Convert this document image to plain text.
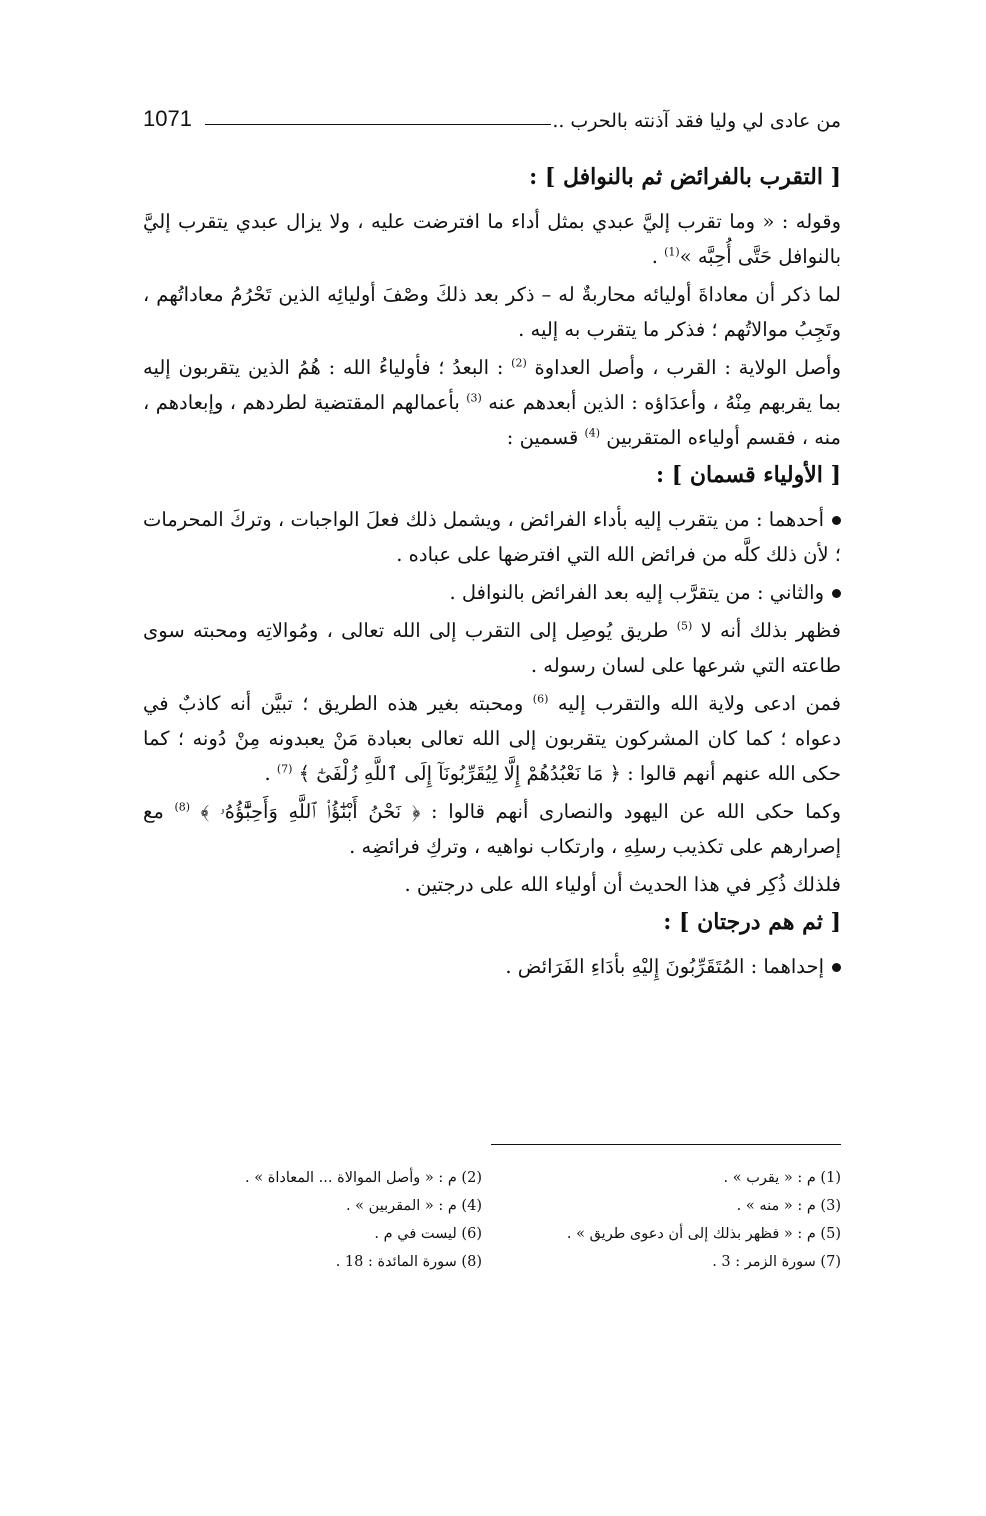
من عادى لي وليا فقد آذنته بالحرب ..
1071
[ التقرب بالفرائض ثم بالنوافل ] :

وقوله : « وما تقرب إليَّ عبدي بمثل أداء ما افترضت عليه ، ولا يزال عبدي يتقرب إليَّ بالنوافل حَتَّى أُحِبَّه »$^{(1)}$ .

لما ذكر أن معاداةَ أوليائه محاربةٌ له – ذكر بعد ذلكَ وصْفَ أوليائِه الذين تَحْرُمُ معاداتُهم ، وتَجِبُ موالاتُهم ؛ فذكر ما يتقرب به إليه .

وأصل الولاية : القرب ، وأصل العداوة $^{(2)}$ : البعدُ ؛ فأولياءُ الله : هُمُ الذين يتقربون إليه بما يقربهم مِنْهُ ، وأعدَاؤه : الذين أبعدهم عنه $^{(3)}$ بأعمالهم المقتضية لطردهم ، وإبعادهم ، منه ، فقسم أولياءه المتقربين $^{(4)}$ قسمين :

[ الأولياء قسمان ] :

أحدهما : من يتقرب إليه بأداء الفرائض ، ويشمل ذلك فعلَ الواجبات ، وتركَ المحرمات ؛ لأن ذلك كلَّه من فرائض الله التي افترضها على عباده .

والثاني : من يتقرَّب إليه بعد الفرائض بالنوافل .

فظهر بذلك أنه لا $^{(5)}$ طريق يُوصِل إلى التقرب إلى الله تعالى ، ومُوالاتِه ومحبته سوى طاعته التي شرعها على لسان رسوله .

فمن ادعى ولاية الله والتقرب إليه $^{(6)}$ ومحبته بغير هذه الطريق ؛ تبيَّن أنه كاذبٌ في دعواه ؛ كما كان المشركون يتقربون إلى الله تعالى بعبادة مَنْ يعبدونه مِنْ دُونه ؛ كما حكى الله عنهم أنهم قالوا : ﴿ مَا نَعْبُدُهُمْ إِلَّا لِيُقَرِّبُونَآ إِلَى ٱللَّهِ زُلْفَىٰٓ ﴾ $^{(7)}$ .

وكما حكى الله عن اليهود والنصارى أنهم قالوا : ﴿ نَحْنُ أَبْنَٰٓؤُا۟ ٱللَّهِ وَأَحِبَّٰٓؤُهُۥ ﴾ $^{(8)}$ مع إصرارهم على تكذيب رسلِهِ ، وارتكاب نواهيه ، وتركِ فرائضِه .

فلذلك ذُكِر في هذا الحديث أن أولياء الله على درجتين .

[ ثم هم درجتان ] :

إحداهما : المُتَقَرِّبُونَ إِليْهِ بأدَاءِ الفَرَائض .

(1) م : « يقرب » .
(2) م : « وأصل الموالاة ... المعاداة » .
(3) م : « منه » .
(4) م : « المقربين » .
(5) م : « فظهر بذلك إلى أن دعوى طريق » .
(6) ليست في م .
(7) سورة الزمر : 3 .
(8) سورة المائدة : 18 .
